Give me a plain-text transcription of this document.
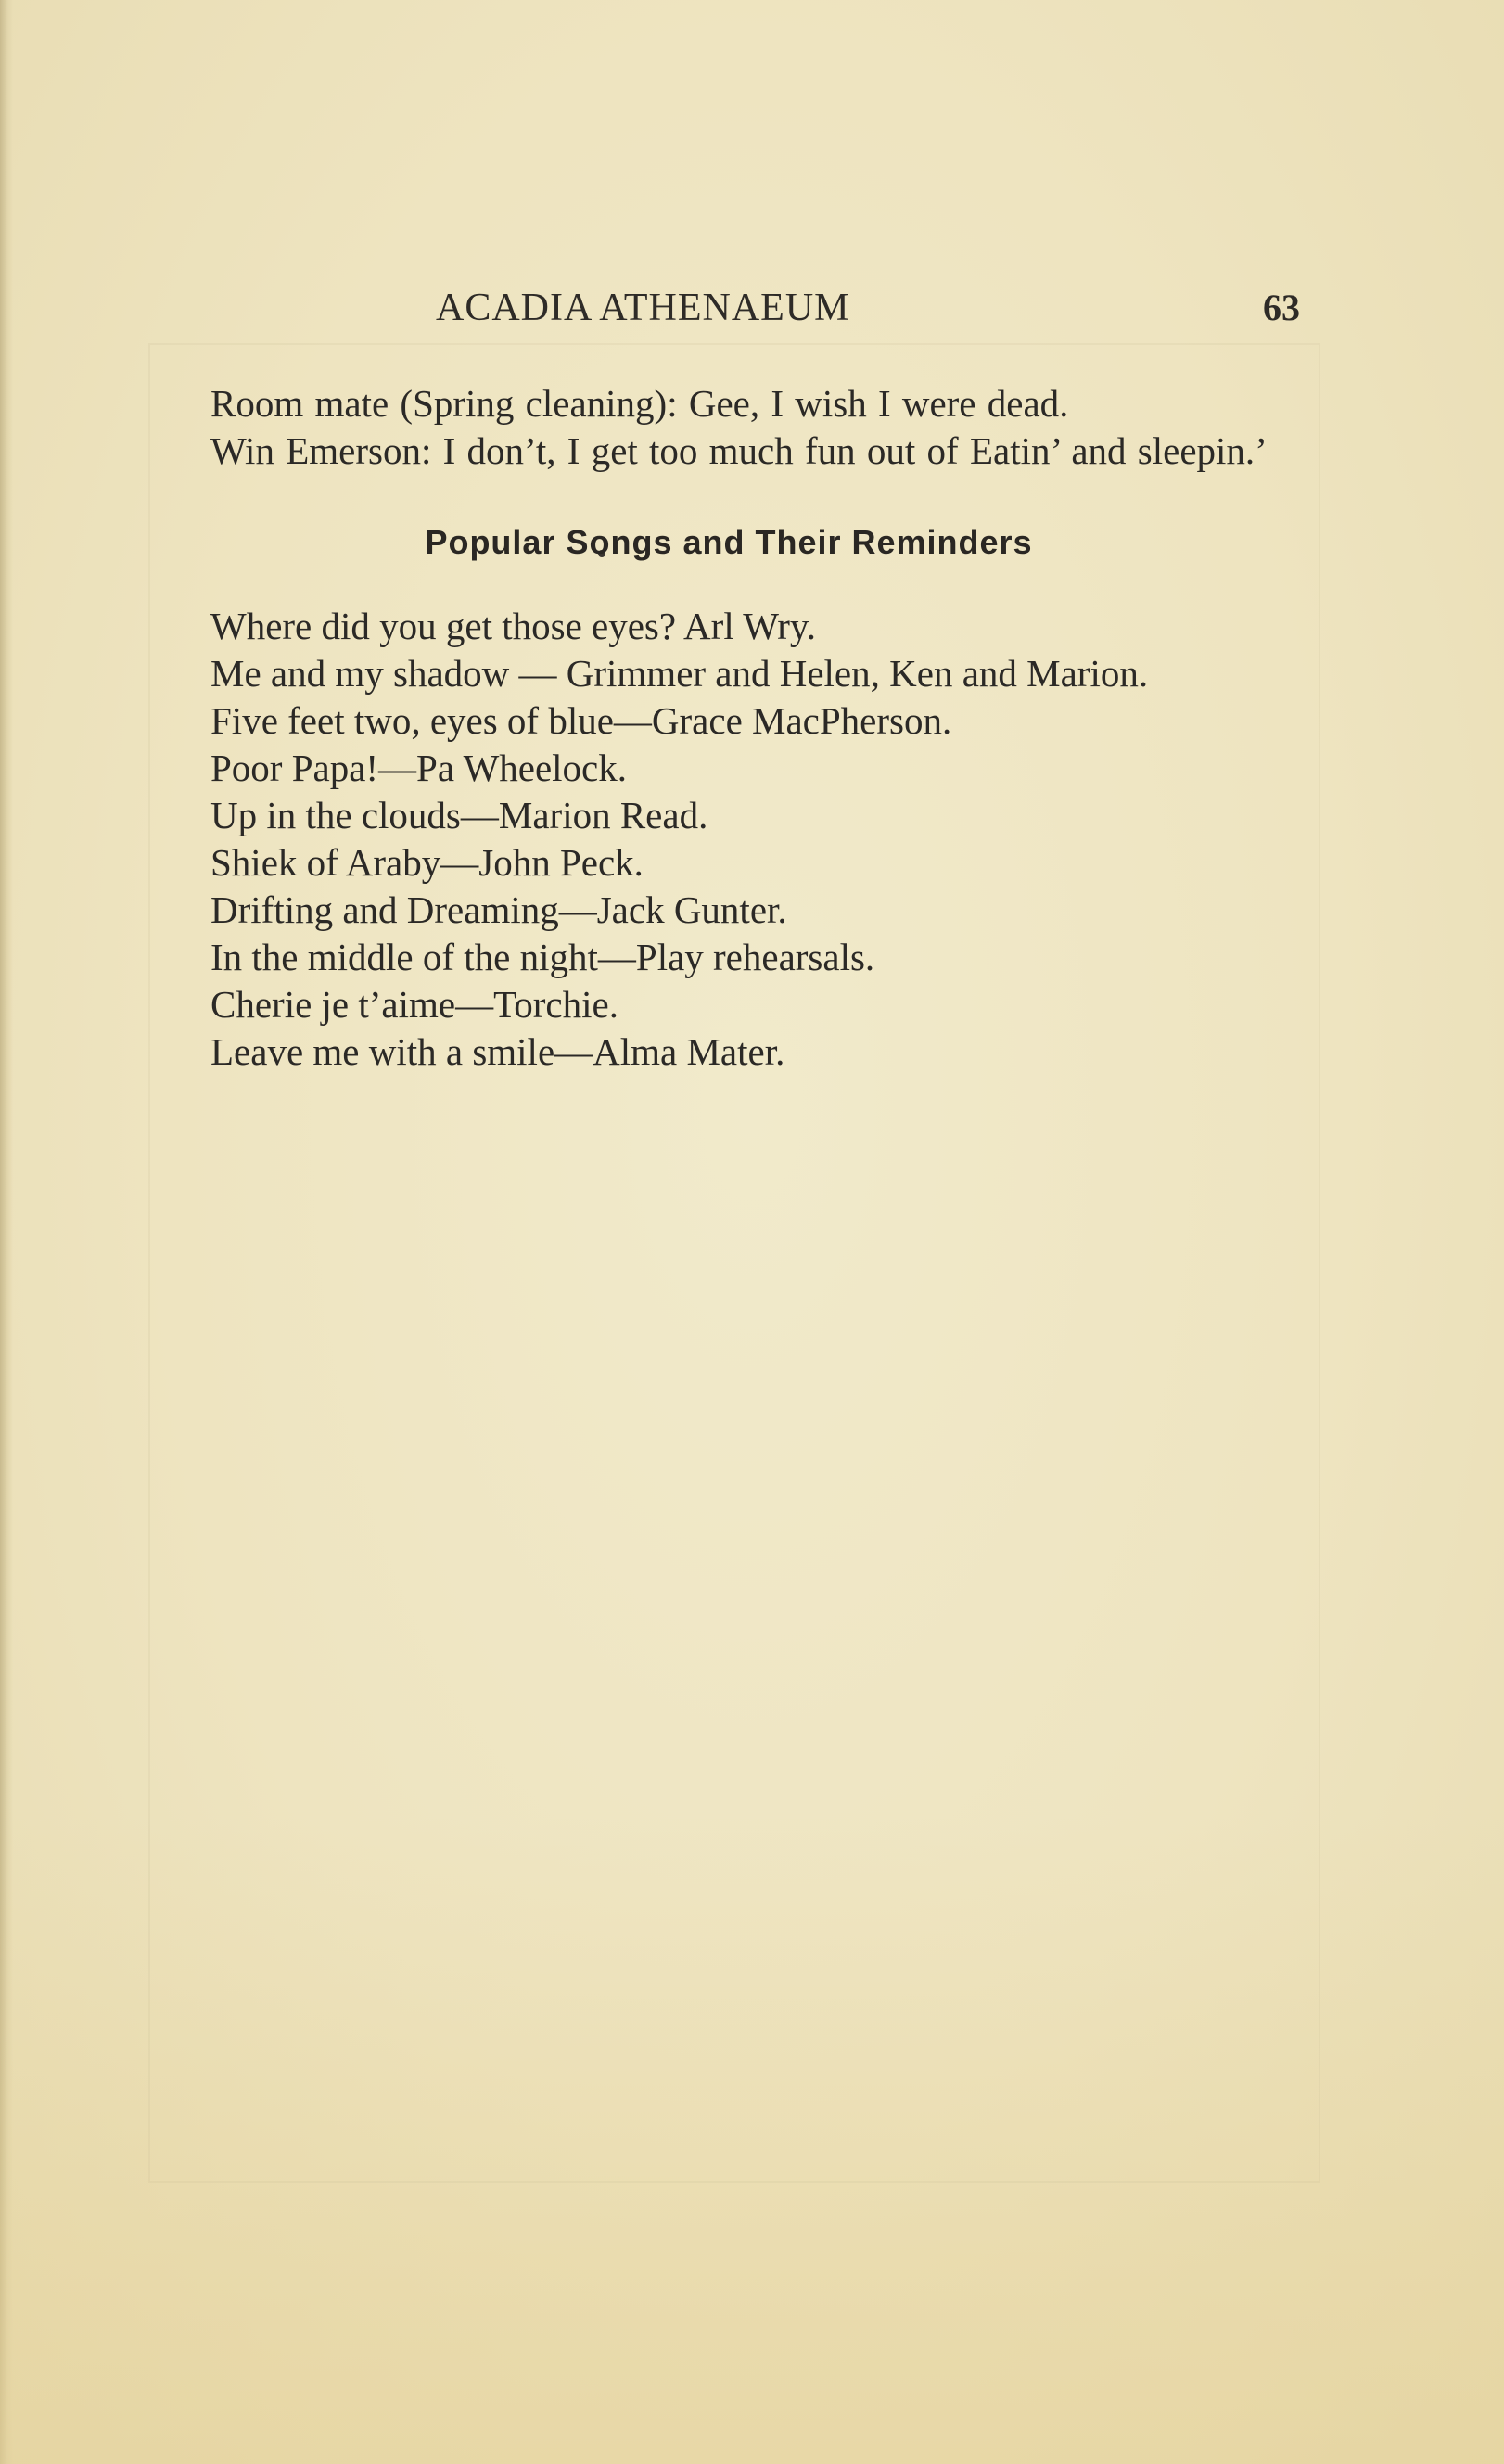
ACADIA ATHENAEUM	63

Room mate (Spring cleaning): Gee, I wish I were dead.

Win Emerson: I don’t, I get too much fun out of Eatin’ and sleepin.’

Popular Songs and Their Reminders
Where did you get those eyes? Arl Wry.
Me and my shadow — Grimmer and Helen, Ken and Marion.
Five feet two, eyes of blue—Grace MacPherson.
Poor Papa!—Pa Wheelock.
Up in the clouds—Marion Read.
Shiek of Araby—John Peck.
Drifting and Dreaming—Jack Gunter.
In the middle of the night—Play rehearsals.
Cherie je t’aime—Torchie.
Leave me with a smile—Alma Mater.
